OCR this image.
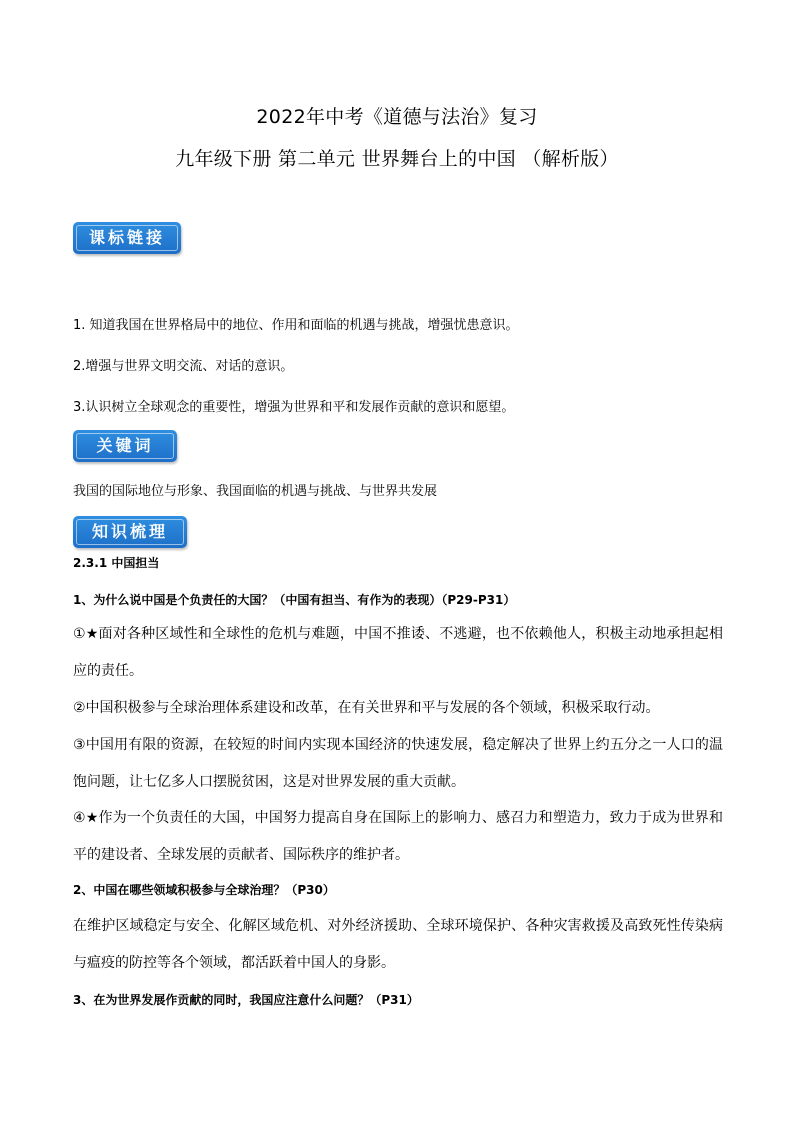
2022年中考《道德与法治》复习
九年级下册 第二单元 世界舞台上的中国 （解析版）
课标链接
1. 知道我国在世界格局中的地位、作用和面临的机遇与挑战，增强忧患意识。
2.增强与世界文明交流、对话的意识。
3.认识树立全球观念的重要性，增强为世界和平和发展作贡献的意识和愿望。
关键词
我国的国际地位与形象、我国面临的机遇与挑战、与世界共发展
知识梳理
2.3.1 中国担当
1、为什么说中国是个负责任的大国？（中国有担当、有作为的表现）（P29-P31）
①★面对各种区域性和全球性的危机与难题，中国不推诿、不逃避，也不依赖他人，积极主动地承担起相应的责任。
②中国积极参与全球治理体系建设和改革，在有关世界和平与发展的各个领域，积极采取行动。
③中国用有限的资源，在较短的时间内实现本国经济的快速发展，稳定解决了世界上约五分之一人口的温饱问题，让七亿多人口摆脱贫困，这是对世界发展的重大贡献。
④★作为一个负责任的大国，中国努力提高自身在国际上的影响力、感召力和塑造力，致力于成为世界和平的建设者、全球发展的贡献者、国际秩序的维护者。
2、中国在哪些领域积极参与全球治理？（P30）
在维护区域稳定与安全、化解区域危机、对外经济援助、全球环境保护、各种灾害救援及高致死性传染病与瘟疫的防控等各个领域，都活跃着中国人的身影。
3、在为世界发展作贡献的同时，我国应注意什么问题？（P31）
